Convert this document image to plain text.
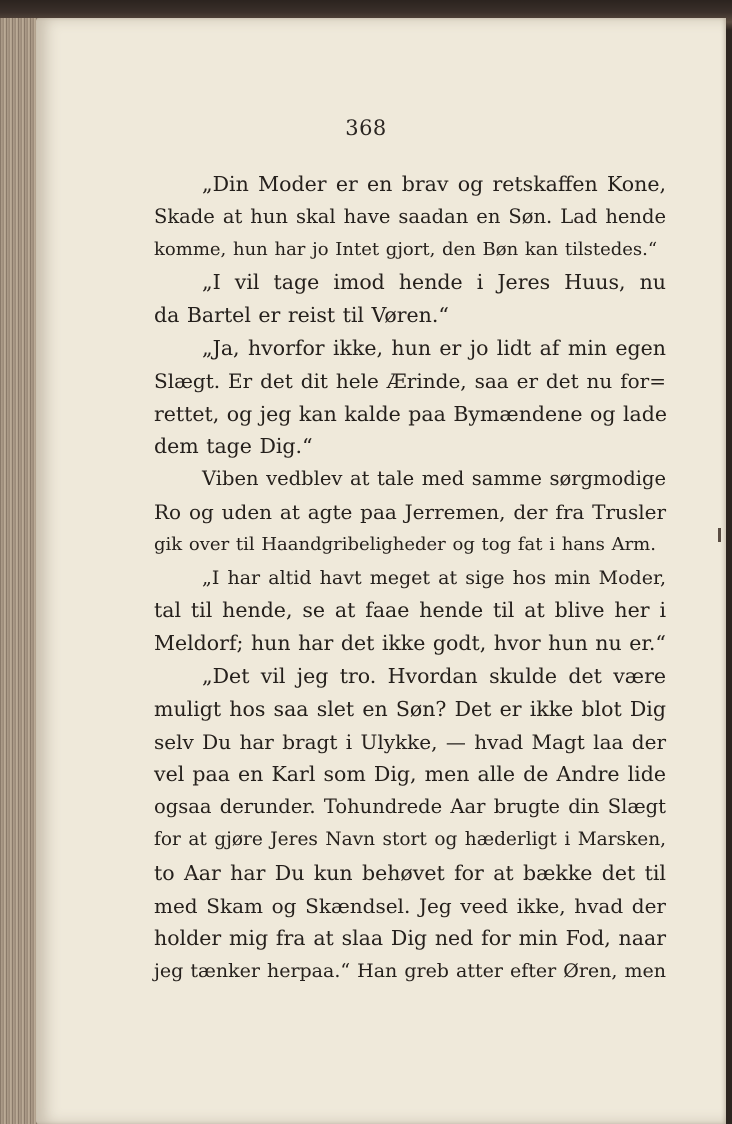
368
„Din Moder er en brav og retskaffen Kone,
Skade at hun skal have saadan en Søn. Lad hende
komme, hun har jo Intet gjort, den Bøn kan tilstedes.“
„I vil tage imod hende i Jeres Huus, nu
da Bartel er reist til Vøren.“
„Ja, hvorfor ikke, hun er jo lidt af min egen
Slægt. Er det dit hele Ærinde, saa er det nu for=
rettet, og jeg kan kalde paa Bymændene og lade
dem tage Dig.“
Viben vedblev at tale med samme sørgmodige
Ro og uden at agte paa Jerremen, der fra Trusler
gik over til Haandgribeligheder og tog fat i hans Arm.
„I har altid havt meget at sige hos min Moder,
tal til hende, se at faae hende til at blive her i
Meldorf; hun har det ikke godt, hvor hun nu er.“
„Det vil jeg tro. Hvordan skulde det være
muligt hos saa slet en Søn? Det er ikke blot Dig
selv Du har bragt i Ulykke, — hvad Magt laa der
vel paa en Karl som Dig, men alle de Andre lide
ogsaa derunder. Tohundrede Aar brugte din Slægt
for at gjøre Jeres Navn stort og hæderligt i Marsken,
to Aar har Du kun behøvet for at bække det til
med Skam og Skændsel. Jeg veed ikke, hvad der
holder mig fra at slaa Dig ned for min Fod, naar
jeg tænker herpaa.“ Han greb atter efter Øren, men
